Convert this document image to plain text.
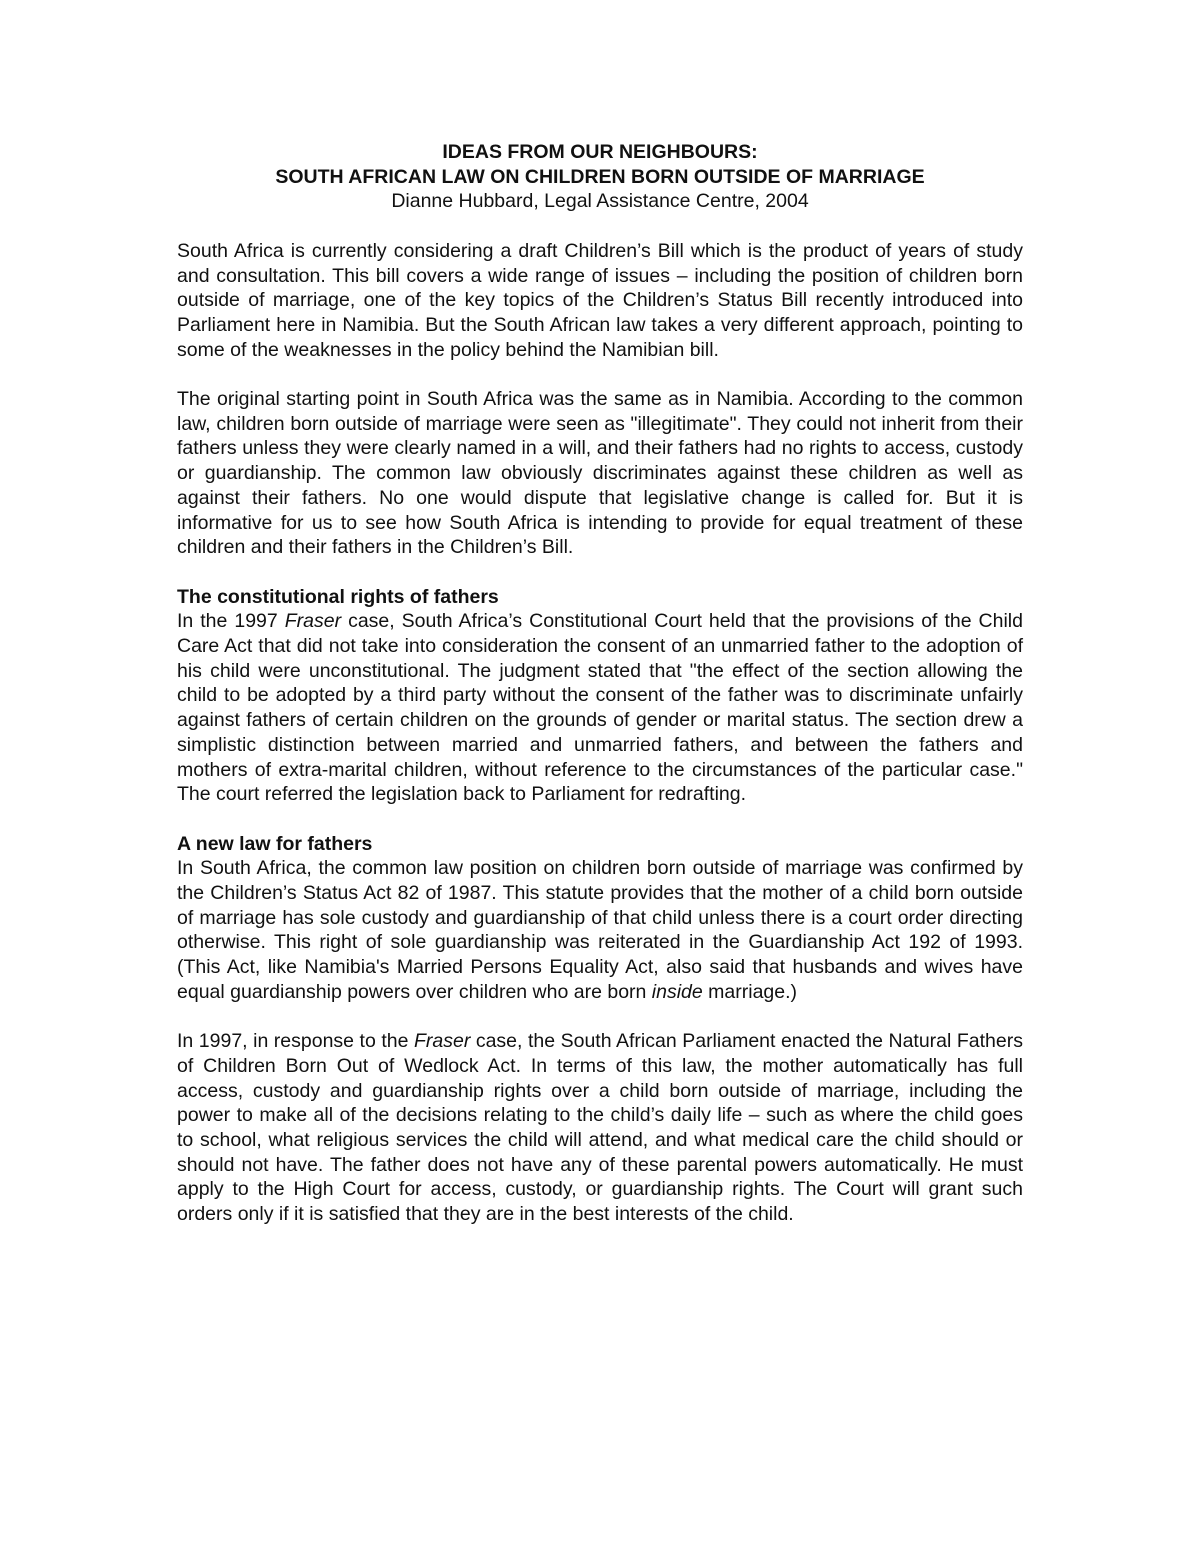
IDEAS FROM OUR NEIGHBOURS:
SOUTH AFRICAN LAW ON CHILDREN BORN OUTSIDE OF MARRIAGE
Dianne Hubbard, Legal Assistance Centre, 2004

South Africa is currently considering a draft Children’s Bill which is the product of years of study and consultation. This bill covers a wide range of issues – including the position of children born outside of marriage, one of the key topics of the Children’s Status Bill recently introduced into Parliament here in Namibia. But the South African law takes a very different approach, pointing to some of the weaknesses in the policy behind the Namibian bill.

The original starting point in South Africa was the same as in Namibia. According to the common law, children born outside of marriage were seen as "illegitimate". They could not inherit from their fathers unless they were clearly named in a will, and their fathers had no rights to access, custody or guardianship. The common law obviously discriminates against these children as well as against their fathers. No one would dispute that legislative change is called for. But it is informative for us to see how South Africa is intending to provide for equal treatment of these children and their fathers in the Children’s Bill.

The constitutional rights of fathers

In the 1997 Fraser case, South Africa’s Constitutional Court held that the provisions of the Child Care Act that did not take into consideration the consent of an unmarried father to the adoption of his child were unconstitutional. The judgment stated that "the effect of the section allowing the child to be adopted by a third party without the consent of the father was to discriminate unfairly against fathers of certain children on the grounds of gender or marital status. The section drew a simplistic distinction between married and unmarried fathers, and between the fathers and mothers of extra-marital children, without reference to the circumstances of the particular case." The court referred the legislation back to Parliament for redrafting.

A new law for fathers

In South Africa, the common law position on children born outside of marriage was confirmed by the Children’s Status Act 82 of 1987. This statute provides that the mother of a child born outside of marriage has sole custody and guardianship of that child unless there is a court order directing otherwise. This right of sole guardianship was reiterated in the Guardianship Act 192 of 1993. (This Act, like Namibia's Married Persons Equality Act, also said that husbands and wives have equal guardianship powers over children who are born inside marriage.)

In 1997, in response to the Fraser case, the South African Parliament enacted the Natural Fathers of Children Born Out of Wedlock Act. In terms of this law, the mother automatically has full access, custody and guardianship rights over a child born outside of marriage, including the power to make all of the decisions relating to the child’s daily life – such as where the child goes to school, what religious services the child will attend, and what medical care the child should or should not have. The father does not have any of these parental powers automatically. He must apply to the High Court for access, custody, or guardianship rights. The Court will grant such orders only if it is satisfied that they are in the best interests of the child.
